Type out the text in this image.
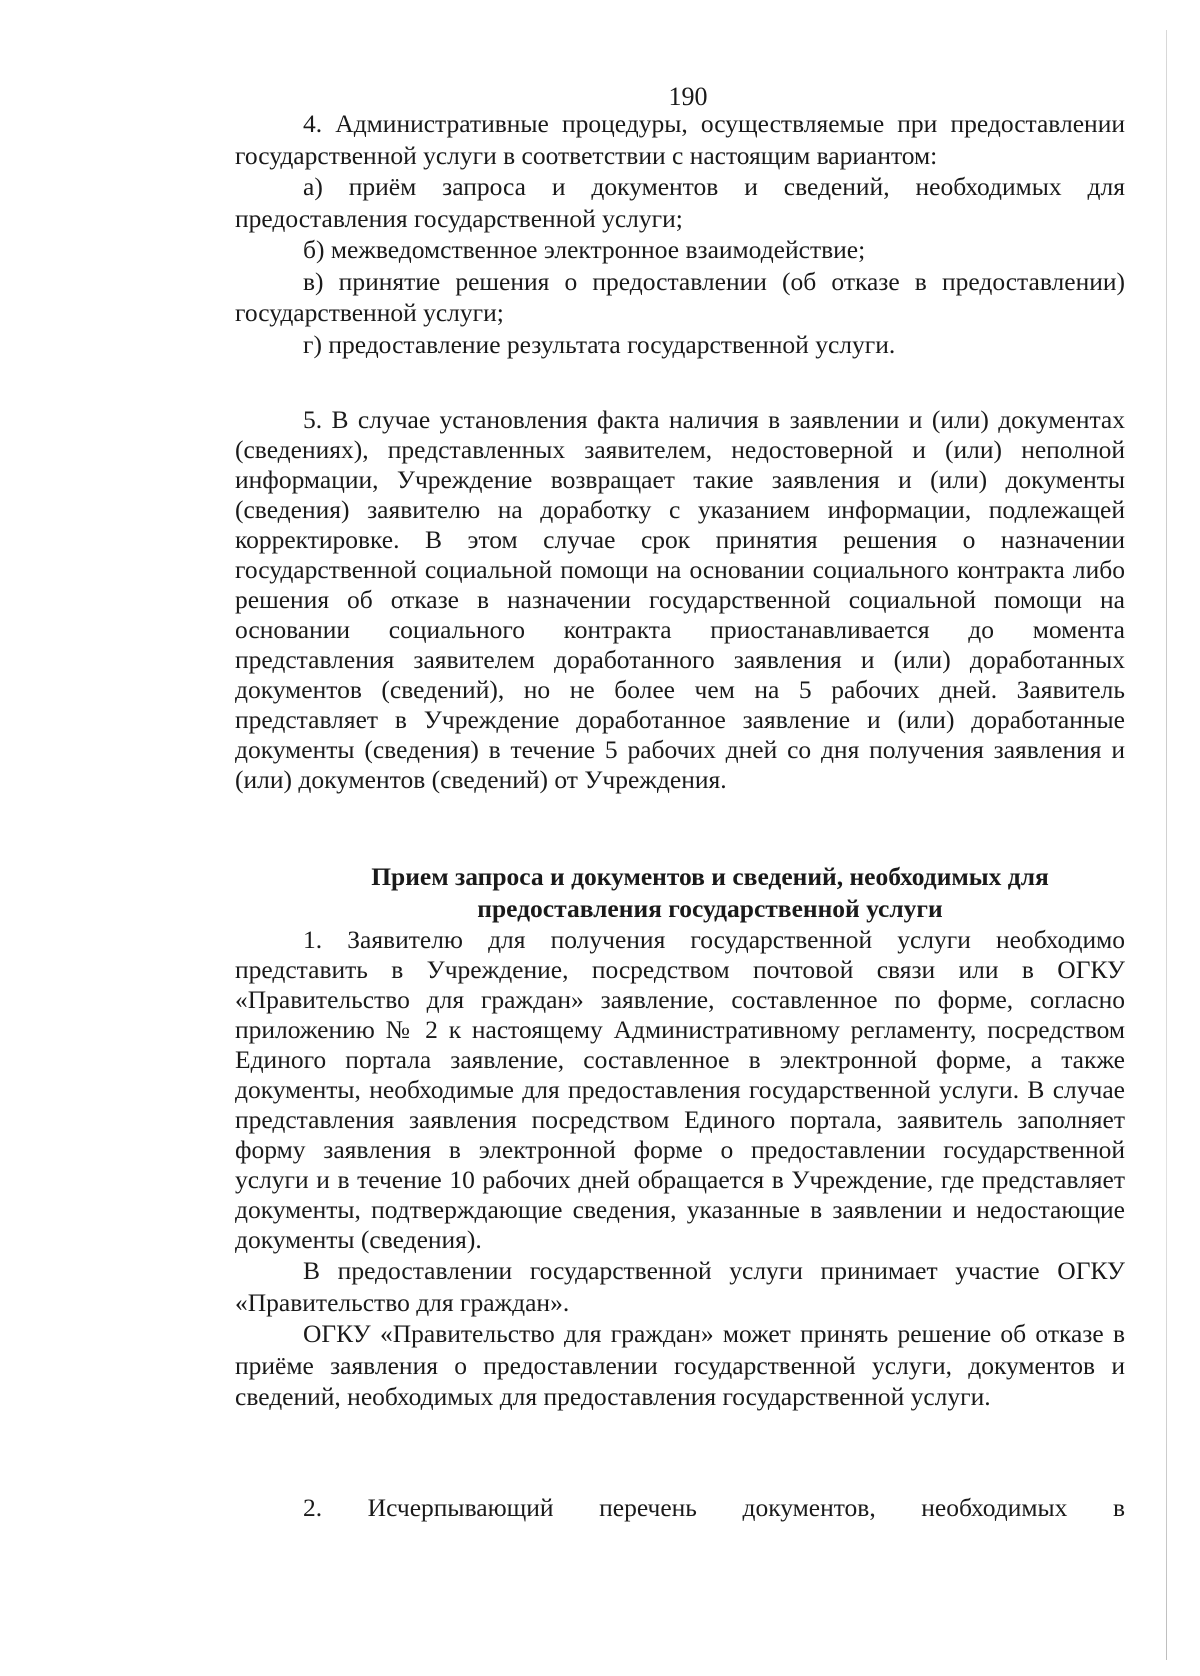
190

4. Административные процедуры, осуществляемые при предоставлении государственной услуги в соответствии с настоящим вариантом:

а) приём запроса и документов и сведений, необходимых для предоставления государственной услуги;

б) межведомственное электронное взаимодействие;

в) принятие решения о предоставлении (об отказе в предоставлении) государственной услуги;

г) предоставление результата государственной услуги.

5. В случае установления факта наличия в заявлении и (или) документах (сведениях), представленных заявителем, недостоверной и (или) неполной информации, Учреждение возвращает такие заявления и (или) документы (сведения) заявителю на доработку с указанием информации, подлежащей корректировке. В этом случае срок принятия решения о назначении государственной социальной помощи на основании социального контракта либо решения об отказе в назначении государственной социальной помощи на основании социального контракта приостанавливается до момента представления заявителем доработанного заявления и (или) доработанных документов (сведений), но не более чем на 5 рабочих дней. Заявитель представляет в Учреждение доработанное заявление и (или) доработанные документы (сведения) в течение 5 рабочих дней со дня получения заявления и (или) документов (сведений) от Учреждения.

Прием запроса и документов и сведений, необходимых для
предоставления государственной услуги

1. Заявителю для получения государственной услуги необходимо представить в Учреждение, посредством почтовой связи или в ОГКУ «Правительство для граждан» заявление, составленное по форме, согласно приложению № 2 к настоящему Административному регламенту, посредством Единого портала заявление, составленное в электронной форме, а также документы, необходимые для предоставления государственной услуги. В случае представления заявления посредством Единого портала, заявитель заполняет форму заявления в электронной форме о предоставлении государственной услуги и в течение 10 рабочих дней обращается в Учреждение, где представляет документы, подтверждающие сведения, указанные в заявлении и недостающие документы (сведения).

В предоставлении государственной услуги принимает участие ОГКУ «Правительство для граждан».

ОГКУ «Правительство для граждан» может принять решение об отказе в приёме заявления о предоставлении государственной услуги, документов и сведений, необходимых для предоставления государственной услуги.

2. Исчерпывающий перечень документов, необходимых в
